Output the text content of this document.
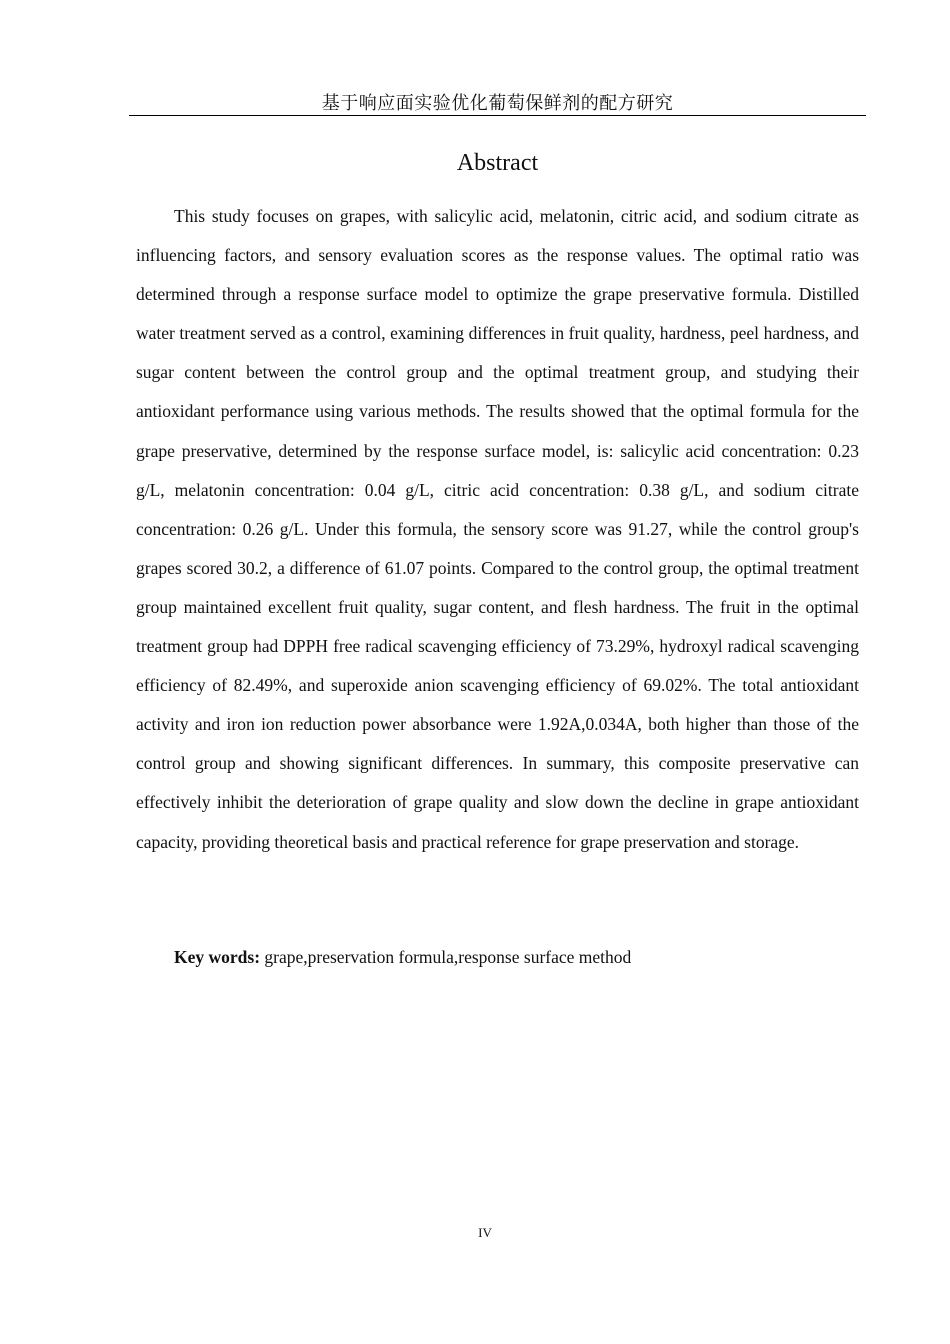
基于响应面实验优化葡萄保鲜剂的配方研究
Abstract

This study focuses on grapes, with salicylic acid, melatonin, citric acid, and sodium citrate as influencing factors, and sensory evaluation scores as the response values. The optimal ratio was determined through a response surface model to optimize the grape preservative formula. Distilled water treatment served as a control, examining differences in fruit quality, hardness, peel hardness, and sugar content between the control group and the optimal treatment group, and studying their antioxidant performance using various methods. The results showed that the optimal formula for the grape preservative, determined by the response surface model, is: salicylic acid concentration: 0.23 g/L, melatonin concentration: 0.04 g/L, citric acid concentration: 0.38 g/L, and sodium citrate concentration: 0.26 g/L. Under this formula, the sensory score was 91.27, while the control group's grapes scored 30.2, a difference of 61.07 points. Compared to the control group, the optimal treatment group maintained excellent fruit quality, sugar content, and flesh hardness. The fruit in the optimal treatment group had DPPH free radical scavenging efficiency of 73.29%, hydroxyl radical scavenging efficiency of 82.49%, and superoxide anion scavenging efficiency of 69.02%. The total antioxidant activity and iron ion reduction power absorbance were 1.92A,0.034A, both higher than those of the control group and showing significant differences. In summary, this composite preservative can effectively inhibit the deterioration of grape quality and slow down the decline in grape antioxidant capacity, providing theoretical basis and practical reference for grape preservation and storage.

Key words: grape,preservation formula,response surface method

IV
